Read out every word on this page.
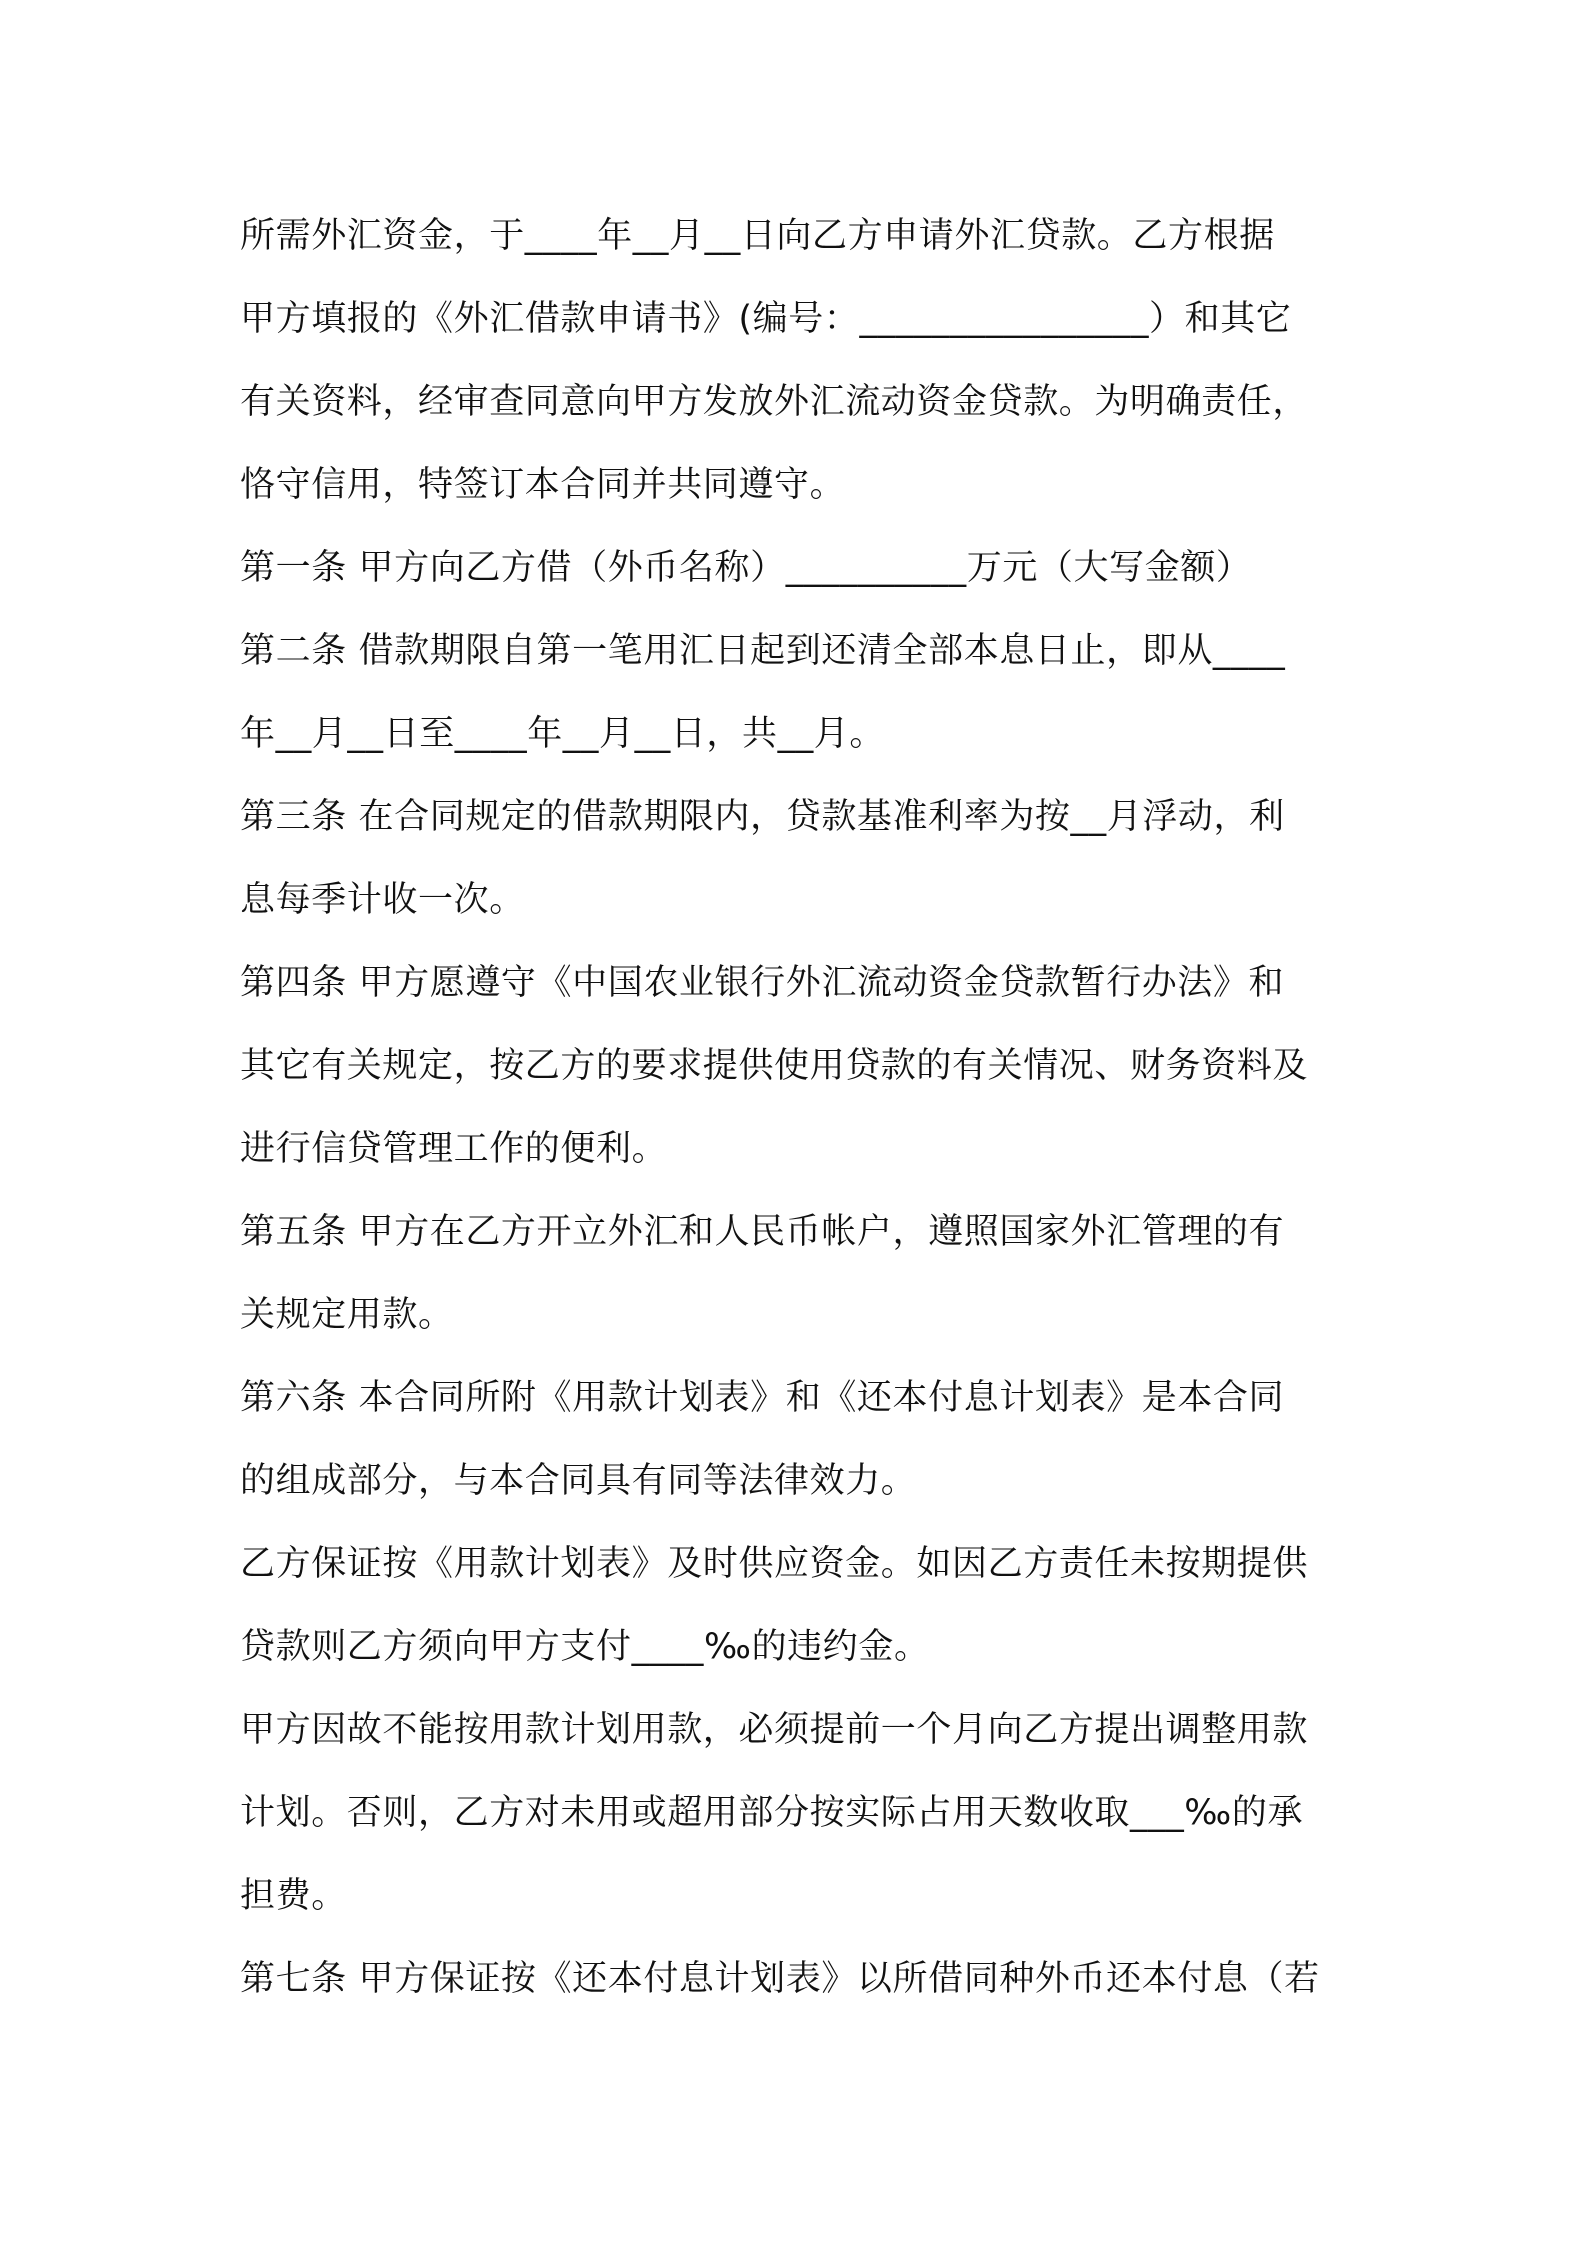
所需外汇资金，于____年__月__日向乙方申请外汇贷款。乙方根据
甲方填报的《外汇借款申请书》(编号：________________）和其它
有关资料，经审查同意向甲方发放外汇流动资金贷款。为明确责任，
恪守信用，特签订本合同并共同遵守。
第一条 甲方向乙方借（外币名称）__________万元（大写金额）
第二条 借款期限自第一笔用汇日起到还清全部本息日止，即从____
年__月__日至____年__月__日，共__月。
第三条 在合同规定的借款期限内，贷款基准利率为按__月浮动，利
息每季计收一次。
第四条 甲方愿遵守《中国农业银行外汇流动资金贷款暂行办法》和
其它有关规定，按乙方的要求提供使用贷款的有关情况、财务资料及
进行信贷管理工作的便利。
第五条 甲方在乙方开立外汇和人民币帐户，遵照国家外汇管理的有
关规定用款。
第六条 本合同所附《用款计划表》和《还本付息计划表》是本合同
的组成部分，与本合同具有同等法律效力。
乙方保证按《用款计划表》及时供应资金。如因乙方责任未按期提供
贷款则乙方须向甲方支付____‰的违约金。
甲方因故不能按用款计划用款，必须提前一个月向乙方提出调整用款
计划。否则，乙方对未用或超用部分按实际占用天数收取___‰的承
担费。
第七条 甲方保证按《还本付息计划表》以所借同种外币还本付息（若
